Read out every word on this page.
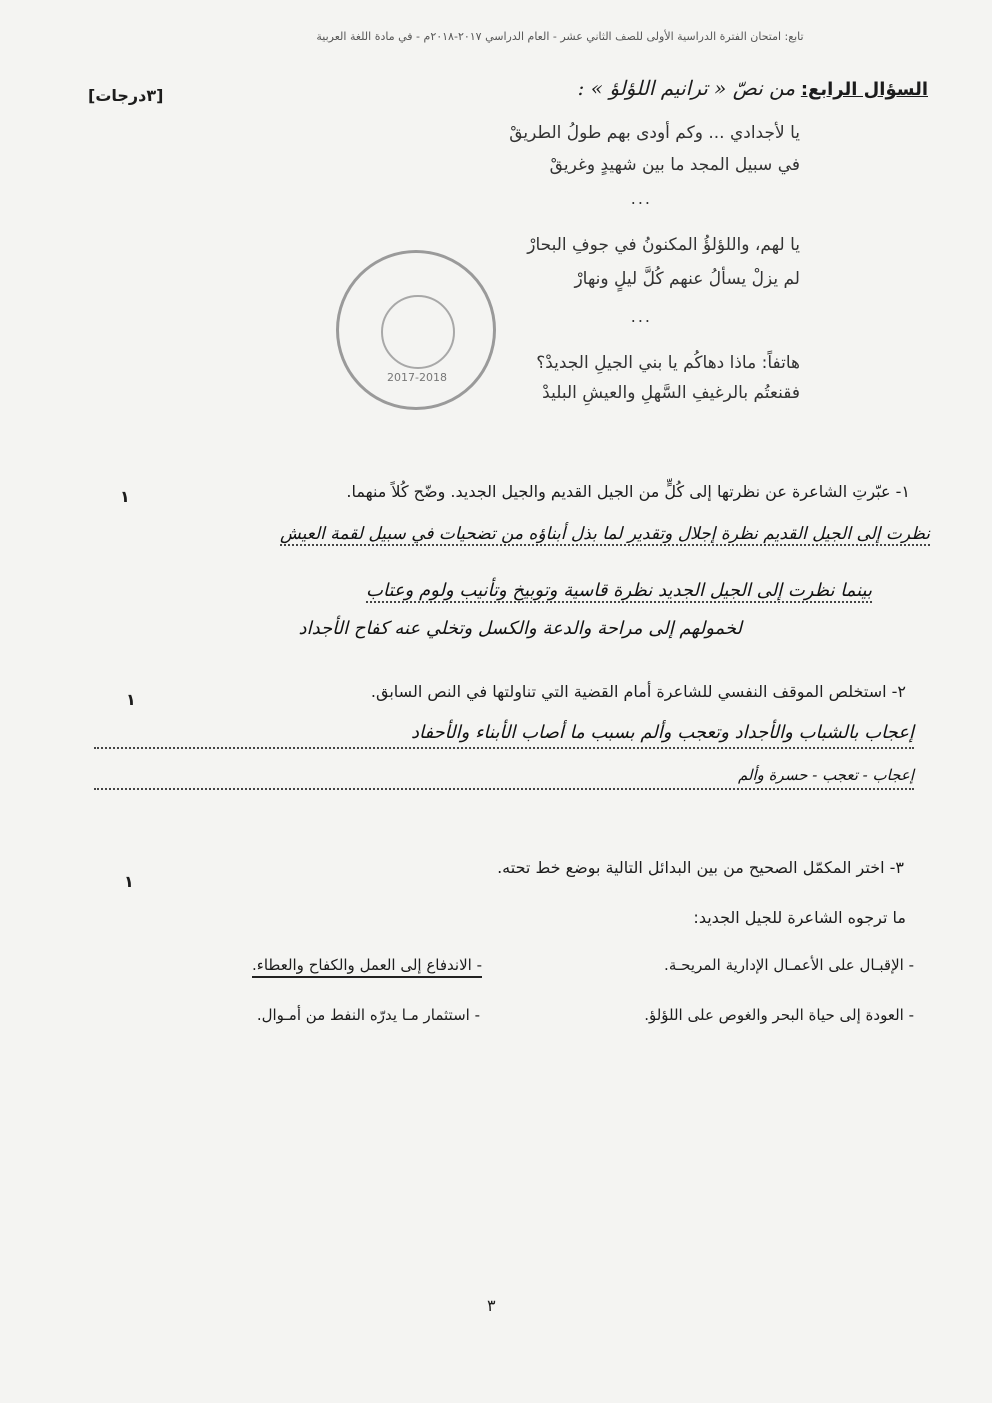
تابع: امتحان الفترة الدراسية الأولى للصف الثاني عشر - العام الدراسي ٢٠١٧-٢٠١٨م - في مادة اللغة العربية
[٣درجات]	السؤال الرابع: من نصّ « ترانيم اللؤلؤ » :
يا لأجدادي ... وكم أودى بهم طولُ الطريقْ
في سبيل المجد ما بين شهيدٍ وغريقْ
...
يا لهم، واللؤلؤُ المكنونُ في جوفِ البحارْ
لم يزلْ يسألُ عنهم كُلَّ ليلٍ ونهارْ
...
هاتفاً: ماذا دهاكُم يا بني الجيلِ الجديدْ؟
فقنعتُم بالرغيفِ السَّهلِ والعيشِ البليدْ
2017-2018
١	١- عبّرتِ الشاعرة عن نظرتها إلى كُلٍّ من الجيل القديم والجيل الجديد. وضّح كُلاً منهما.
نظرت إلى الجيل القديم نظرة إجلال وتقدير لما بذل أبناؤه من تضحيات في سبيل لقمة العيش
بينما نظرت إلى الجيل الجديد نظرة قاسية وتوبيخ وتأنيب ولوم وعتاب
لخمولهم إلى مراحة والدعة والكسل وتخلي عنه كفاح الأجداد
١	٢- استخلص الموقف النفسي للشاعرة أمام القضية التي تناولتها في النص السابق.
إعجاب بالشباب والأجداد وتعجب وألم بسبب ما أصاب الأبناء والأحفاد
إعجاب - تعجب - حسرة وألم
١
٣- اختر المكمّل الصحيح من بين البدائل التالية بوضع خط تحته.
ما ترجوه الشاعرة للجيل الجديد:
- الإقبـال على الأعمـال الإدارية المريحـة.
- الاندفاع إلى العمل والكفاح والعطاء.
- العودة إلى حياة البحر والغوص على اللؤلؤ.
- استثمار مـا يدرّه النفط من أمـوال.
٣
